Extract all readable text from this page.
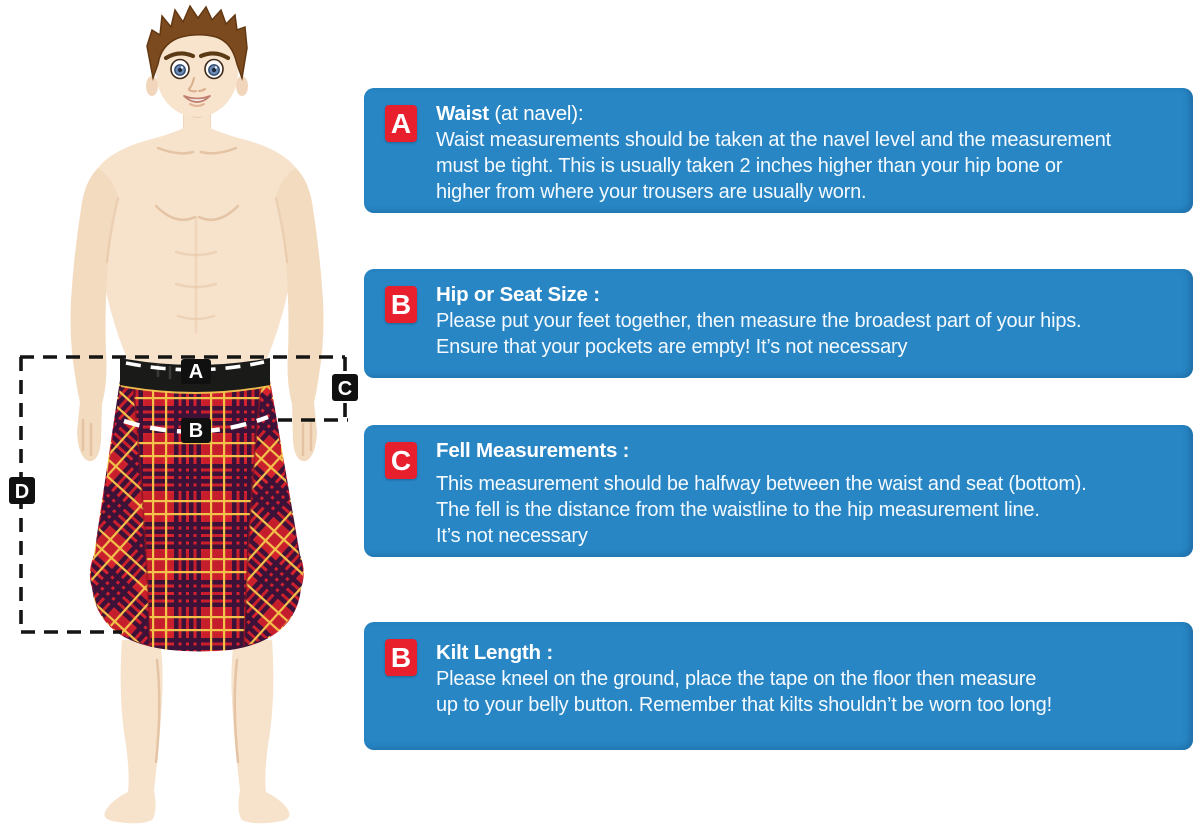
A
B
C
D
A Waist (at navel):
Waist measurements should be taken at the navel level and the measurement
must be tight. This is usually taken 2 inches higher than your hip bone or
higher from where your trousers are usually worn.
B Hip or Seat Size :
Please put your feet together, then measure the broadest part of your hips.
Ensure that your pockets are empty! It’s not necessary
C Fell Measurements :
This measurement should be halfway between the waist and seat (bottom).
The fell is the distance from the waistline to the hip measurement line.
It’s not necessary
B Kilt Length :
Please kneel on the ground, place the tape on the floor then measure
up to your belly button. Remember that kilts shouldn’t be worn too long!
